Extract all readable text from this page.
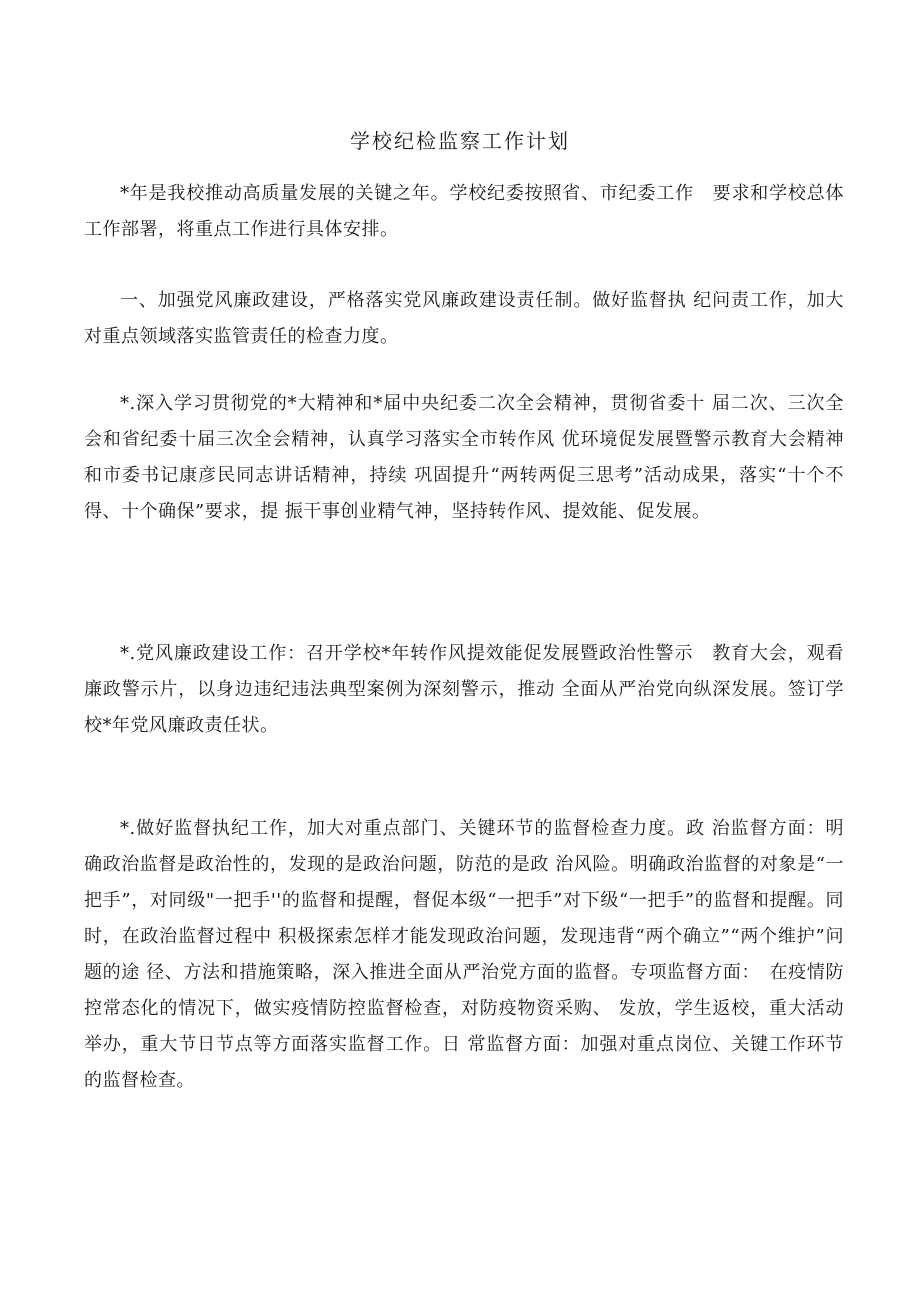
学校纪检监察工作计划

*年是我校推动高质量发展的关键之年。学校纪委按照省、市纪委工作　要求和学校总体工作部署，将重点工作进行具体安排。

一、加强党风廉政建设，严格落实党风廉政建设责任制。做好监督执 纪问责工作，加大对重点领域落实监管责任的检查力度。

*.深入学习贯彻党的*大精神和*届中央纪委二次全会精神，贯彻省委十 届二次、三次全会和省纪委十届三次全会精神，认真学习落实全市转作风 优环境促发展暨警示教育大会精神和市委书记康彦民同志讲话精神，持续 巩固提升“两转两促三思考”活动成果，落实“十个不得、十个确保”要求，提 振干事创业精气神，坚持转作风、提效能、促发展。

*.党风廉政建设工作：召开学校*年转作风提效能促发展暨政治性警示　教育大会，观看廉政警示片，以身边违纪违法典型案例为深刻警示，推动 全面从严治党向纵深发展。签订学校*年党风廉政责任状。

*.做好监督执纪工作，加大对重点部门、关键环节的监督检查力度。政 治监督方面：明确政治监督是政治性的，发现的是政治问题，防范的是政 治风险。明确政治监督的对象是“一把手”，对同级"一把手''的监督和提醒，督促本级“一把手”对下级“一把手”的监督和提醒。同时，在政治监督过程中 积极探索怎样才能发现政治问题，发现违背“两个确立”“两个维护”问题的途 径、方法和措施策略，深入推进全面从严治党方面的监督。专项监督方面：　在疫情防控常态化的情况下，做实疫情防控监督检查，对防疫物资采购、 发放，学生返校，重大活动举办，重大节日节点等方面落实监督工作。日 常监督方面：加强对重点岗位、关键工作环节的监督检查。
